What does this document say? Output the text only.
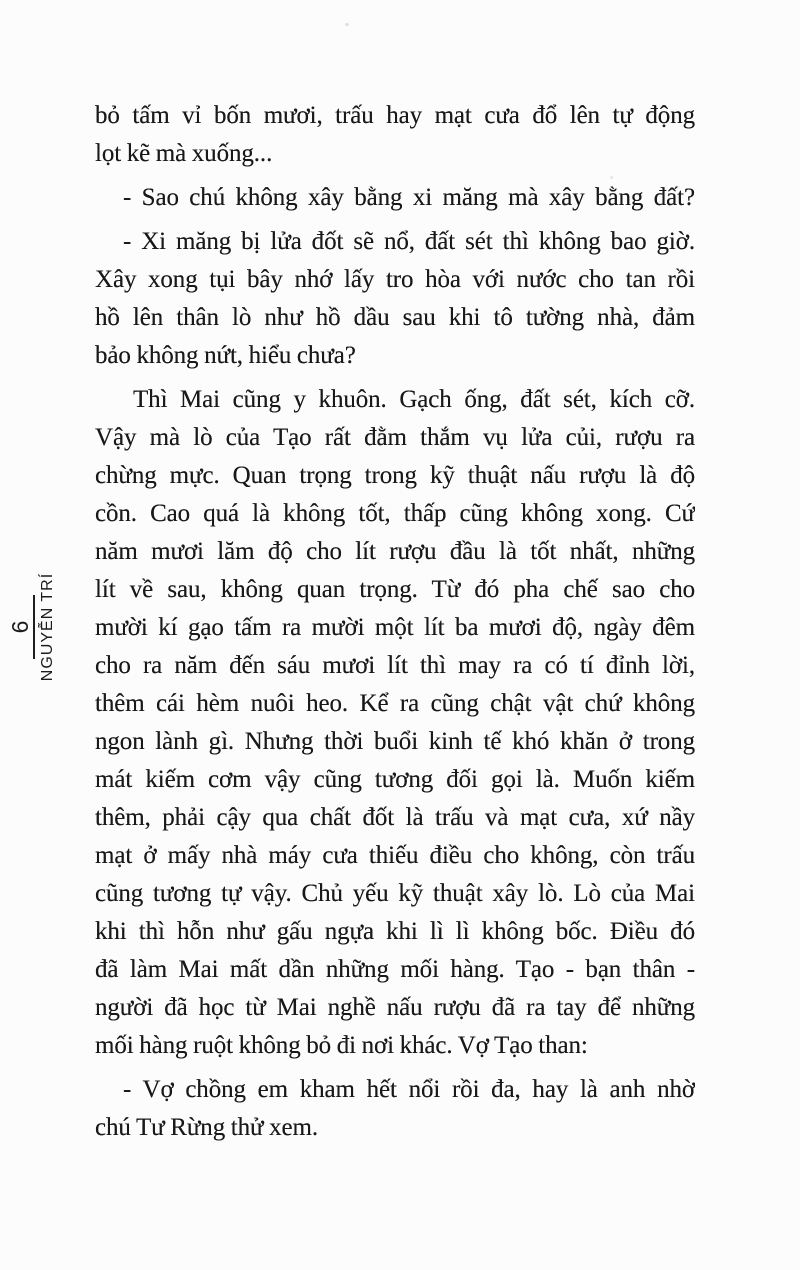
6 NGUYỄN TRÍ
bỏ tấm vỉ bốn mươi, trấu hay mạt cưa đổ lên tự động
lọt kẽ mà xuống...
- Sao chú không xây bằng xi măng mà xây bằng đất?
- Xi măng bị lửa đốt sẽ nổ, đất sét thì không bao giờ.
Xây xong tụi bây nhớ lấy tro hòa với nước cho tan rồi
hồ lên thân lò như hồ dầu sau khi tô tường nhà, đảm
bảo không nứt, hiểu chưa?
Thì Mai cũng y khuôn. Gạch ống, đất sét, kích cỡ.
Vậy mà lò của Tạo rất đằm thắm vụ lửa củi, rượu ra
chừng mực. Quan trọng trong kỹ thuật nấu rượu là độ
cồn. Cao quá là không tốt, thấp cũng không xong. Cứ
năm mươi lăm độ cho lít rượu đầu là tốt nhất, những
lít về sau, không quan trọng. Từ đó pha chế sao cho
mười kí gạo tấm ra mười một lít ba mươi độ, ngày đêm
cho ra năm đến sáu mươi lít thì may ra có tí đỉnh lời,
thêm cái hèm nuôi heo. Kể ra cũng chật vật chứ không
ngon lành gì. Nhưng thời buổi kinh tế khó khăn ở trong
mát kiếm cơm vậy cũng tương đối gọi là. Muốn kiếm
thêm, phải cậy qua chất đốt là trấu và mạt cưa, xứ nầy
mạt ở mấy nhà máy cưa thiếu điều cho không, còn trấu
cũng tương tự vậy. Chủ yếu kỹ thuật xây lò. Lò của Mai
khi thì hỗn như gấu ngựa khi lì lì không bốc. Điều đó
đã làm Mai mất dần những mối hàng. Tạo - bạn thân -
người đã học từ Mai nghề nấu rượu đã ra tay để những
mối hàng ruột không bỏ đi nơi khác. Vợ Tạo than:
- Vợ chồng em kham hết nổi rồi đa, hay là anh nhờ
chú Tư Rừng thử xem.
